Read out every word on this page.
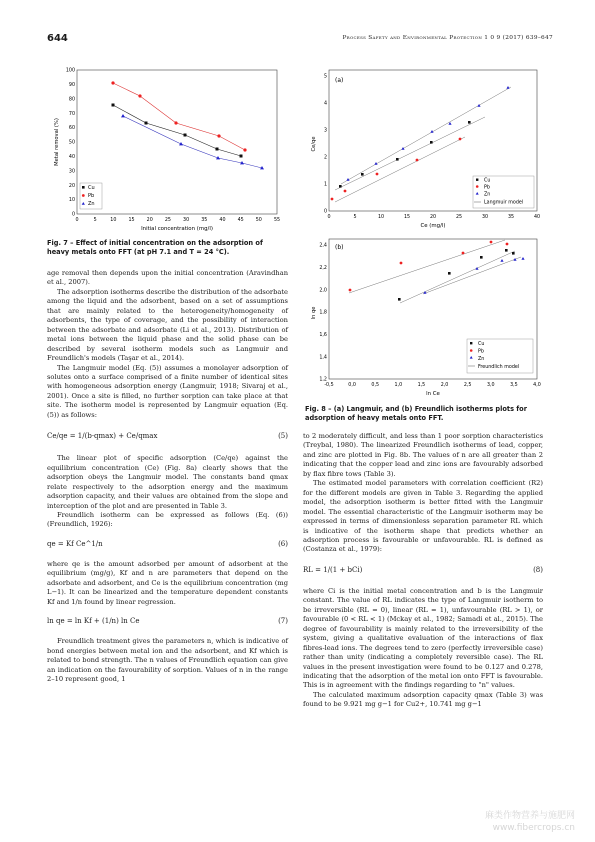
644	Process Safety and Environmental Protection 1 0 9 (2017) 639–647
Metal removal (%)
Initial concentration (mg/l)
0
10
20
30
40
50
60
70
80
90
100
0	5	10	15	20	25	30	35	40	45	50	55
Cu
Pb
Zn
Fig. 7 – Effect of initial concentration on the adsorption of heavy metals onto FFT (at pH 7.1 and T = 24 °C).
(a)
Ce/qe
Ce (mg/l)
0
1
2
3
4
5
0	5	10	15	20	25	30	35	40
Cu
Pb
Zn
Langmuir model
(b)
ln qe
ln Ce
1,2
1,4
1,6
1,8
2,0
2,2
2,4
-0,5	0,0	0,5	1,0	1,5	2,0	2,5	3,0	3,5	4,0
Cu
Pb
Zn
Freundlich model
Fig. 8 – (a) Langmuir, and (b) Freundlich isotherms plots for adsorption of heavy metals onto FFT.

age removal then depends upon the initial concentration (Aravindhan et al., 2007).

The adsorption isotherms describe the distribution of the adsorbate among the liquid and the adsorbent, based on a set of assumptions that are mainly related to the heterogeneity/homogeneity of adsorbents, the type of coverage, and the possibility of interaction between the adsorbate and adsorbate (Li et al., 2013). Distribution of metal ions between the liquid phase and the solid phase can be described by several isotherm models such as Langmuir and Freundlich's models (Taşar et al., 2014).

The Langmuir model (Eq. (5)) assumes a monolayer adsorption of solutes onto a surface comprised of a finite number of identical sites with homogeneous adsorption energy (Langmuir, 1918; Sivaraj et al., 2001). Once a site is filled, no further sorption can take place at that site. The isotherm model is represented by Langmuir equation (Eq. (5)) as follows:

Ce/qe = 1/(b·qmax) + Ce/qmax	(5)

The linear plot of specific adsorption (Ce/qe) against the equilibrium concentration (Ce) (Fig. 8a) clearly shows that the adsorption obeys the Langmuir model. The constants band qmax relate respectively to the adsorption energy and the maximum adsorption capacity, and their values are obtained from the slope and interception of the plot and are presented in Table 3.

Freundlich isotherm can be expressed as follows (Eq. (6)) (Freundlich, 1926):

qe = Kf Ce^1/n	(6)

where qe is the amount adsorbed per amount of adsorbent at the equilibrium (mg/g), Kf and n are parameters that depend on the adsorbate and adsorbent, and Ce is the equilibrium concentration (mg L−1). It can be linearized and the temperature dependent constants Kf and 1/n found by linear regression.

ln qe = ln Kf + (1/n) ln Ce	(7)

Freundlich treatment gives the parameters n, which is indicative of bond energies between metal ion and the adsorbent, and Kf which is related to bond strength. The n values of Freundlich equation can give an indication on the favourability of sorption. Values of n in the range 2–10 represent good, 1

to 2 moderately difficult, and less than 1 poor sorption characteristics (Treybal, 1980). The linearized Freundlich isotherms of lead, copper, and zinc are plotted in Fig. 8b. The values of n are all greater than 2 indicating that the copper lead and zinc ions are favourably adsorbed by flax fibre tows (Table 3).

The estimated model parameters with correlation coefficient (R2) for the different models are given in Table 3. Regarding the applied model, the adsorption isotherm is better fitted with the Langmuir model. The essential characteristic of the Langmuir isotherm may be expressed in terms of dimensionless separation parameter RL which is indicative of the isotherm shape that predicts whether an adsorption process is favourable or unfavourable. RL is defined as (Costanza et al., 1979):

RL = 1/(1 + bCi)	(8)

where Ci is the initial metal concentration and b is the Langmuir constant. The value of RL indicates the type of Langmuir isotherm to be irreversible (RL = 0), linear (RL = 1), unfavourable (RL > 1), or favourable (0 < RL < 1) (Mckay et al., 1982; Samadi et al., 2015). The degree of favourability is mainly related to the irreversibility of the system, giving a qualitative evaluation of the interactions of flax fibres-lead ions. The degrees tend to zero (perfectly irreversible case) rather than unity (indicating a completely reversible case). The RL values in the present investigation were found to be 0.127 and 0.278, indicating that the adsorption of the metal ion onto FFT is favourable. This is in agreement with the findings regarding to "n" values.

The calculated maximum adsorption capacity qmax (Table 3) was found to be 9.921 mg g−1 for Cu2+, 10.741 mg g−1

麻类作物营养与施肥网
www.fibercrops.cn
